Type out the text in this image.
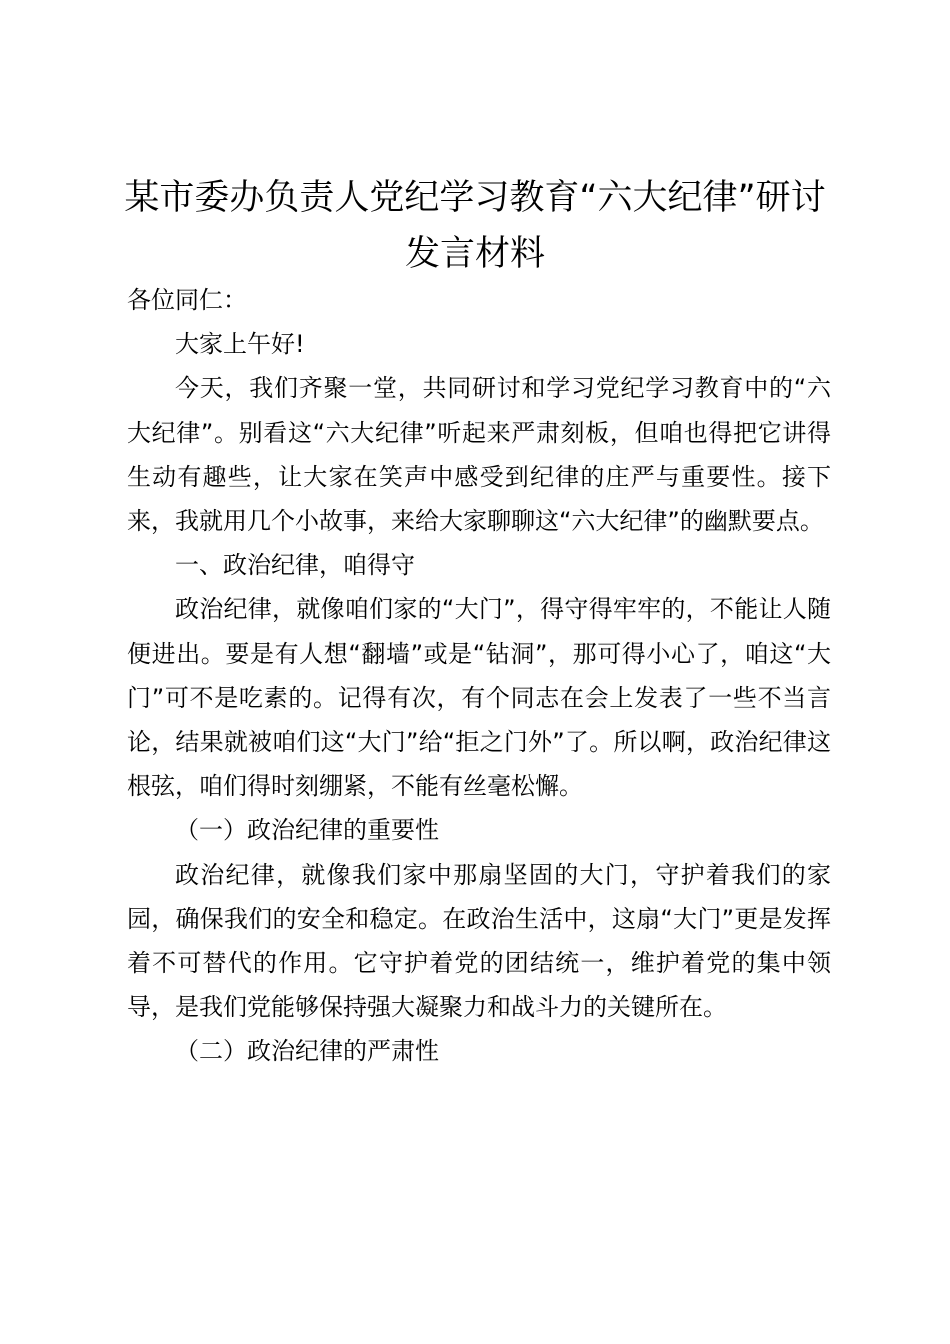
某市委办负责人党纪学习教育“六大纪律”研讨
发言材料

各位同仁：

大家上午好!

今天，我们齐聚一堂，共同研讨和学习党纪学习教育中的“六大纪律”。别看这“六大纪律”听起来严肃刻板，但咱也得把它讲得生动有趣些，让大家在笑声中感受到纪律的庄严与重要性。接下来，我就用几个小故事，来给大家聊聊这“六大纪律”的幽默要点。

一、政治纪律，咱得守

政治纪律，就像咱们家的“大门”，得守得牢牢的，不能让人随便进出。要是有人想“翻墙”或是“钻洞”，那可得小心了，咱这“大门”可不是吃素的。记得有次，有个同志在会上发表了一些不当言论，结果就被咱们这“大门”给“拒之门外”了。所以啊，政治纪律这根弦，咱们得时刻绷紧，不能有丝毫松懈。

（一）政治纪律的重要性

政治纪律，就像我们家中那扇坚固的大门，守护着我们的家园，确保我们的安全和稳定。在政治生活中，这扇“大门”更是发挥着不可替代的作用。它守护着党的团结统一，维护着党的集中领导，是我们党能够保持强大凝聚力和战斗力的关键所在。

（二）政治纪律的严肃性
